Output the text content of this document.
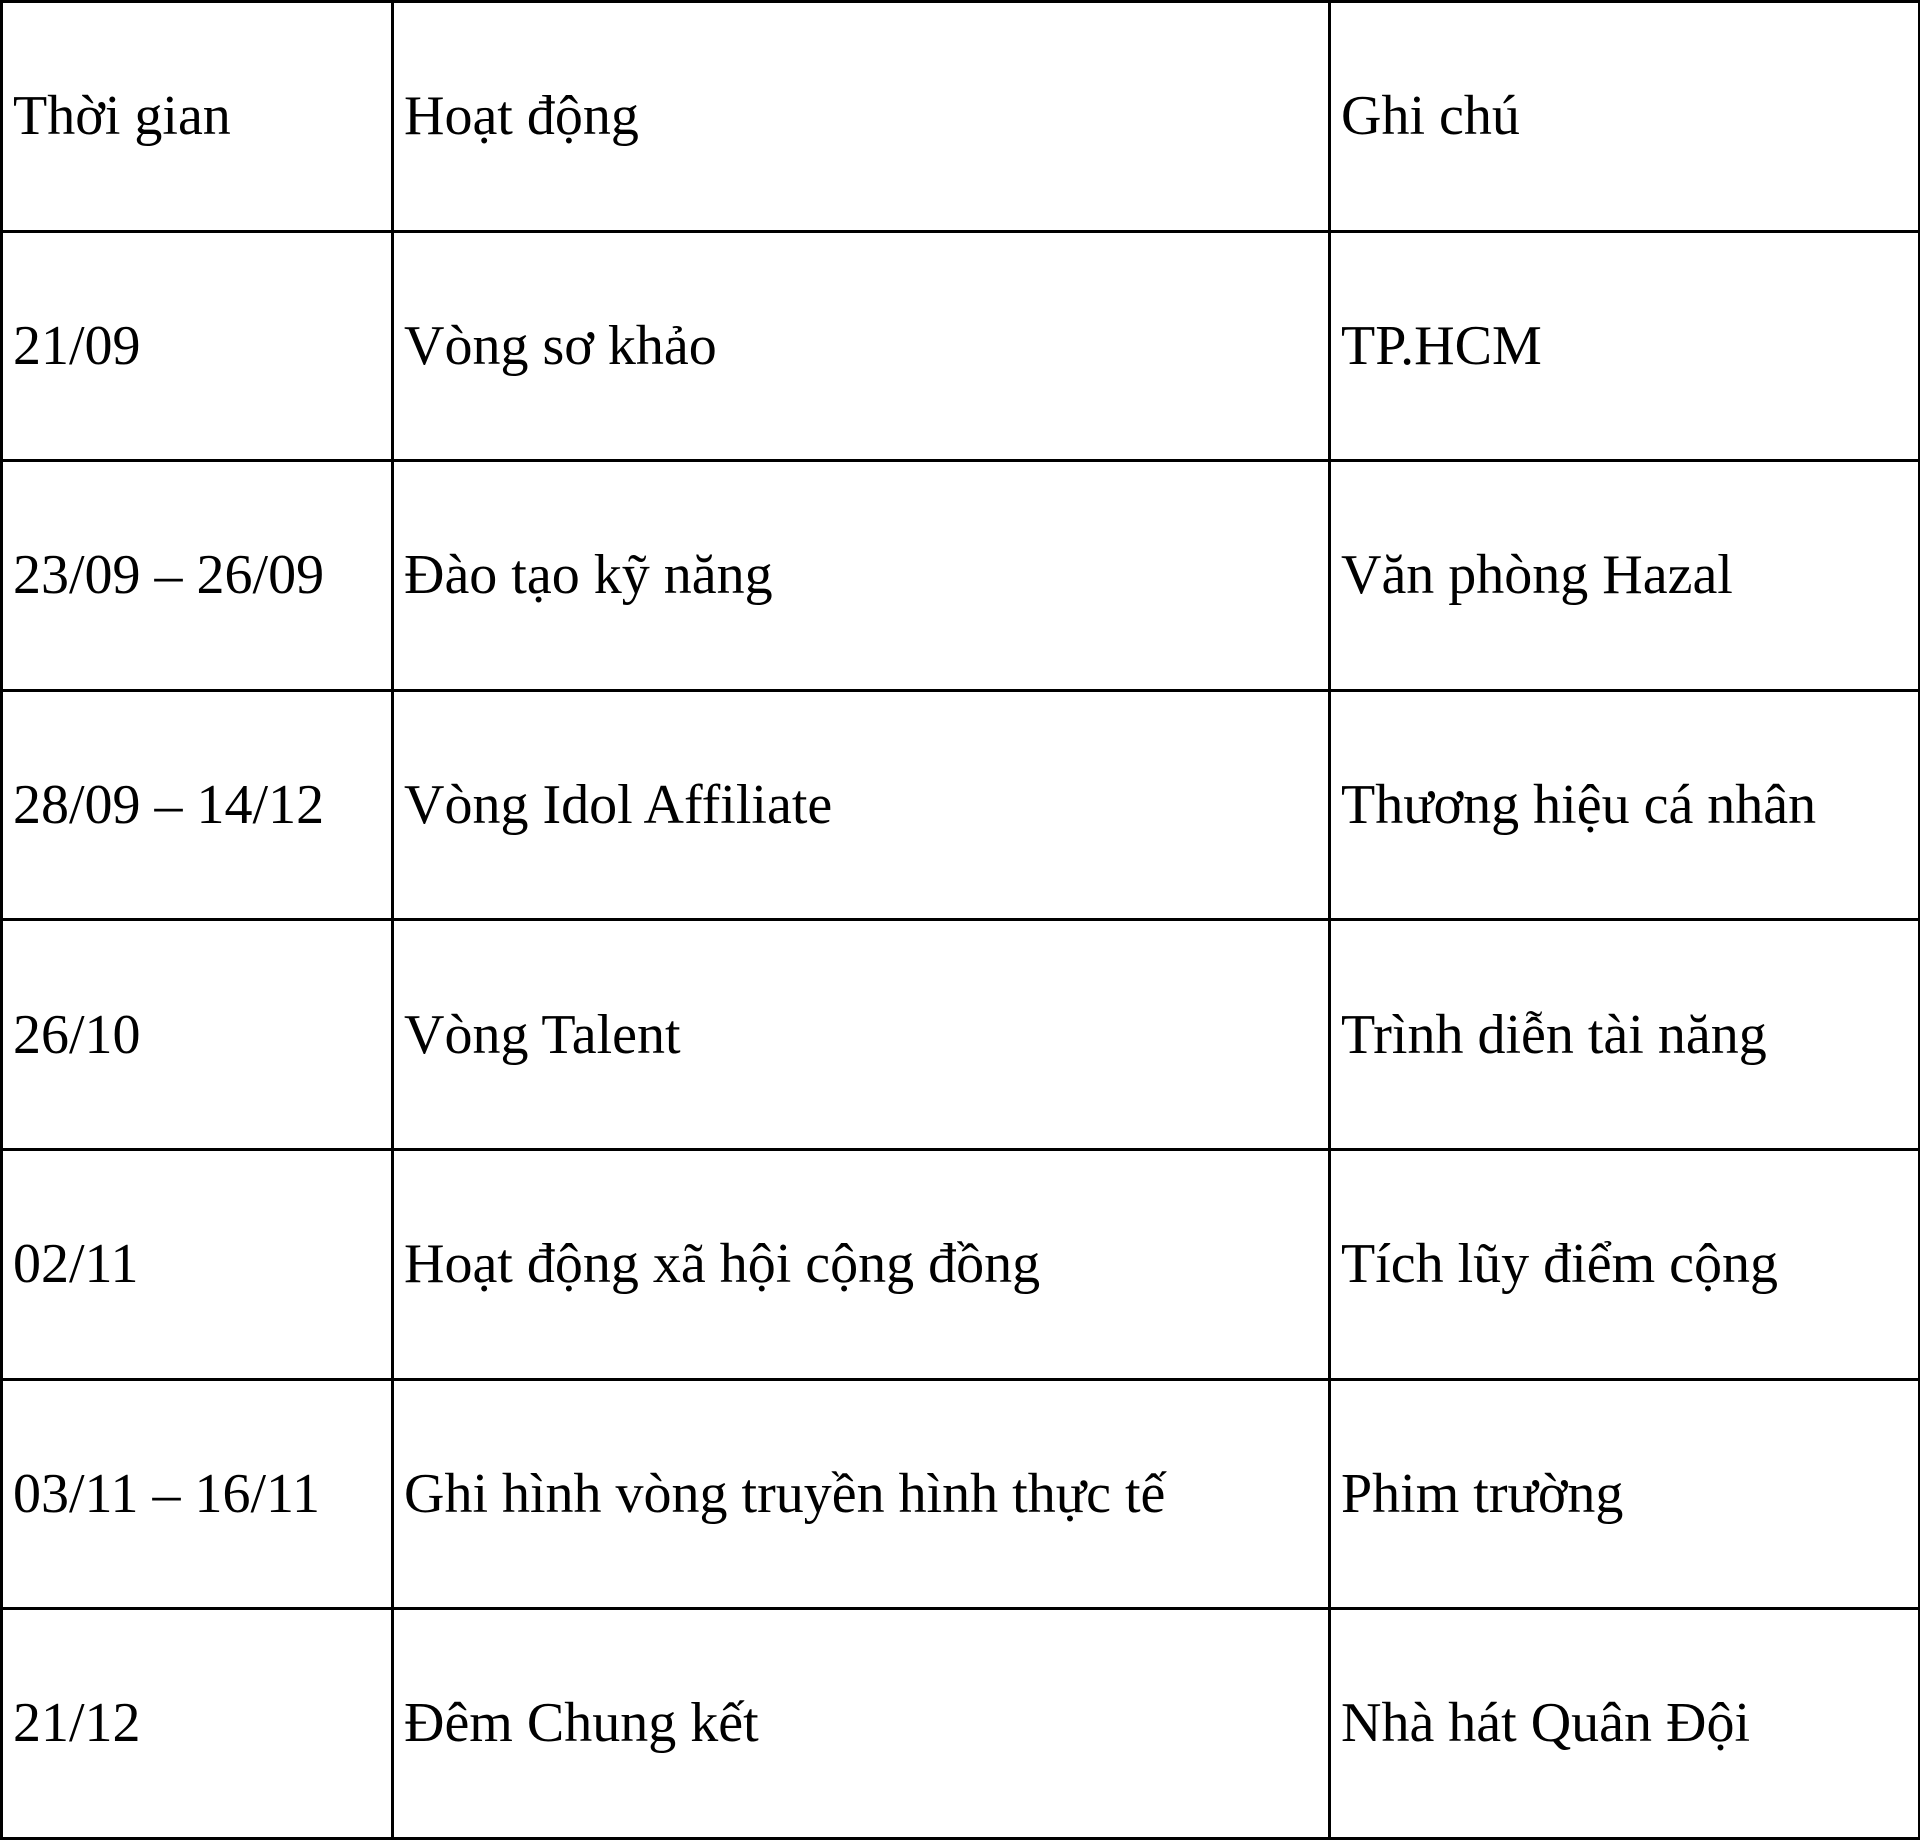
Thời gian	Hoạt động	Ghi chú
21/09	Vòng sơ khảo	TP.HCM
23/09 – 26/09	Đào tạo kỹ năng	Văn phòng Hazal
28/09 – 14/12	Vòng Idol Affiliate	Thương hiệu cá nhân
26/10	Vòng Talent	Trình diễn tài năng
02/11	Hoạt động xã hội cộng đồng	Tích lũy điểm cộng
03/11 – 16/11	Ghi hình vòng truyền hình thực tế	Phim trường
21/12	Đêm Chung kết	Nhà hát Quân Đội
